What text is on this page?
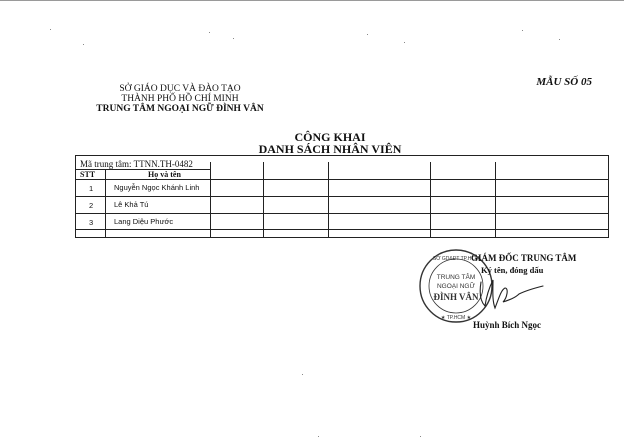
SỞ GIÁO DỤC VÀ ĐÀO TẠO
THÀNH PHỐ HỒ CHÍ MINH
TRUNG TÂM NGOẠI NGỮ ĐÌNH VÂN
MẪU SỐ 05
CÔNG KHAI
DANH SÁCH NHÂN VIÊN
Mã trung tâm: TTNN.TH-0482
STT	Họ và tên
1	Nguyễn Ngọc Khánh Linh
2	Lê Khả Tú
3	Lang Diệu Phước
SỞ GD&ĐT TP.HCM
★ TP.HCM ★
TRUNG TÂM
NGOẠI NGỮ
ĐÌNH VÂN
GIÁM ĐỐC TRUNG TÂM
Ký tên, đóng dấu
Huỳnh Bích Ngọc
